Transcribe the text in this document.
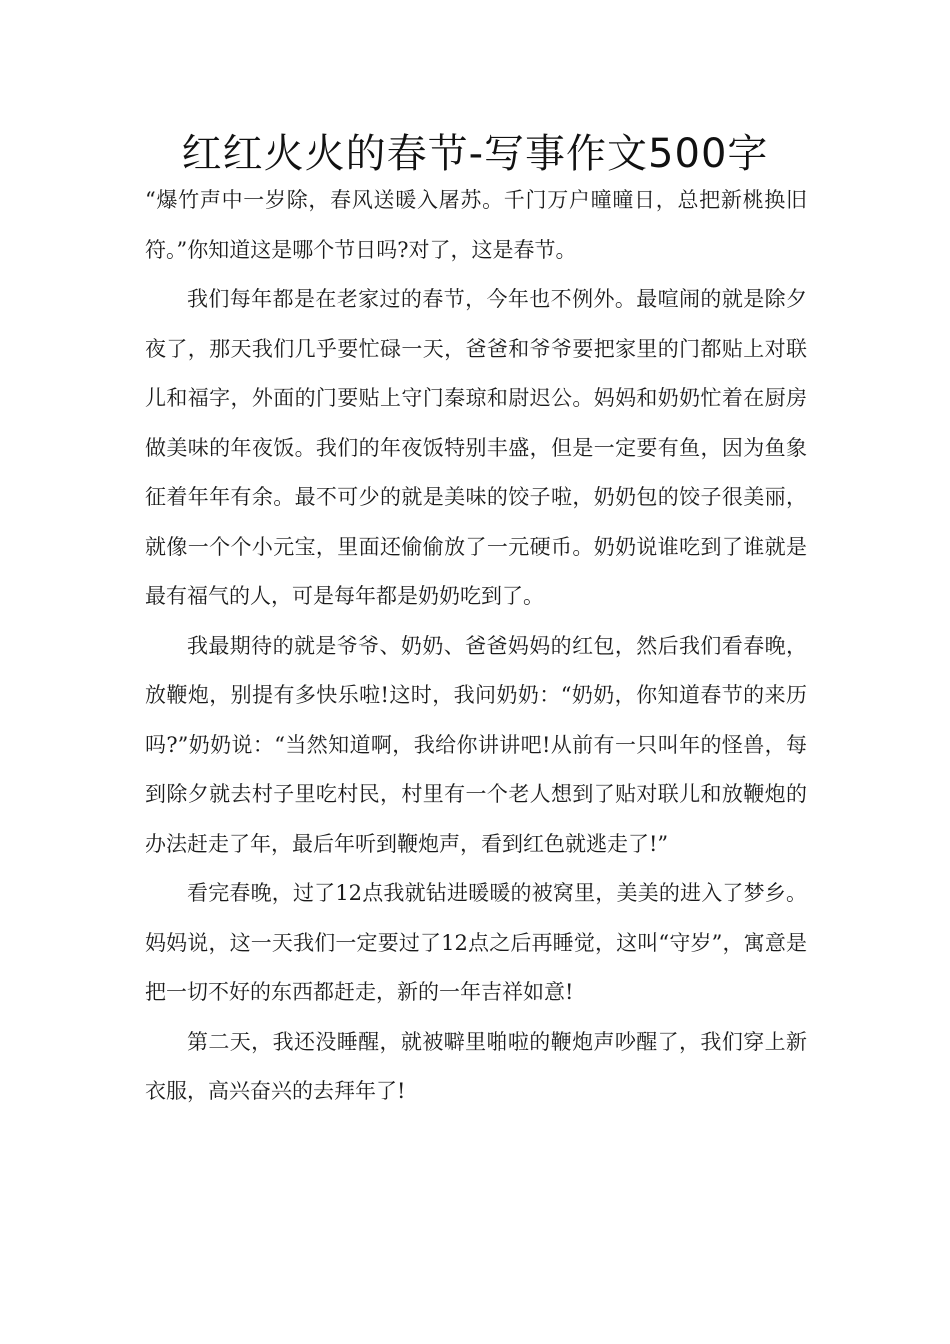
红红火火的春节-写事作文500字

“爆竹声中一岁除，春风送暖入屠苏。千门万户曈曈日，总把新桃换旧符。”你知道这是哪个节日吗?对了，这是春节。

我们每年都是在老家过的春节，今年也不例外。最喧闹的就是除夕夜了，那天我们几乎要忙碌一天，爸爸和爷爷要把家里的门都贴上对联儿和福字，外面的门要贴上守门秦琼和尉迟公。妈妈和奶奶忙着在厨房做美味的年夜饭。我们的年夜饭特别丰盛，但是一定要有鱼，因为鱼象征着年年有余。最不可少的就是美味的饺子啦，奶奶包的饺子很美丽，就像一个个小元宝，里面还偷偷放了一元硬币。奶奶说谁吃到了谁就是最有福气的人，可是每年都是奶奶吃到了。

我最期待的就是爷爷、奶奶、爸爸妈妈的红包，然后我们看春晚，放鞭炮，别提有多快乐啦!这时，我问奶奶：“奶奶，你知道春节的来历吗?”奶奶说：“当然知道啊，我给你讲讲吧!从前有一只叫年的怪兽，每到除夕就去村子里吃村民，村里有一个老人想到了贴对联儿和放鞭炮的办法赶走了年，最后年听到鞭炮声，看到红色就逃走了!”

看完春晚，过了12点我就钻进暖暖的被窝里，美美的进入了梦乡。妈妈说，这一天我们一定要过了12点之后再睡觉，这叫“守岁”，寓意是把一切不好的东西都赶走，新的一年吉祥如意!

第二天，我还没睡醒，就被噼里啪啦的鞭炮声吵醒了，我们穿上新衣服，高兴奋兴的去拜年了!
